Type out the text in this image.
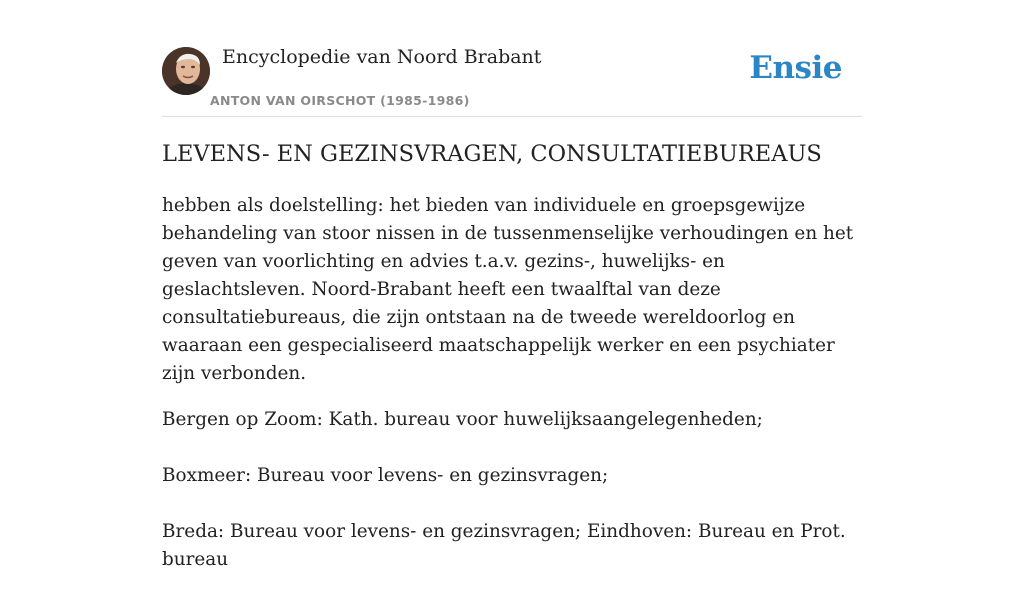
Encyclopedie van Noord Brabant
ANTON VAN OIRSCHOT (1985-1986)
Ensie
LEVENS- EN GEZINSVRAGEN, CONSULTATIEBUREAUS

hebben als doelstelling: het bieden van individuele en groepsgewijze behandeling van stoor nissen in de tussenmenselijke verhoudingen en het geven van voorlichting en advies t.a.v. gezins-, huwelijks- en geslachtsleven. Noord-Brabant heeft een twaalftal van deze consultatiebureaus, die zijn ontstaan na de tweede wereldoorlog en waaraan een gespecialiseerd maatschappelijk werker en een psychiater zijn verbonden.

Bergen op Zoom: Kath. bureau voor huwelijksaangelegenheden;

Boxmeer: Bureau voor levens- en gezinsvragen;

Breda: Bureau voor levens- en gezinsvragen; Eindhoven: Bureau en Prot. bureau
